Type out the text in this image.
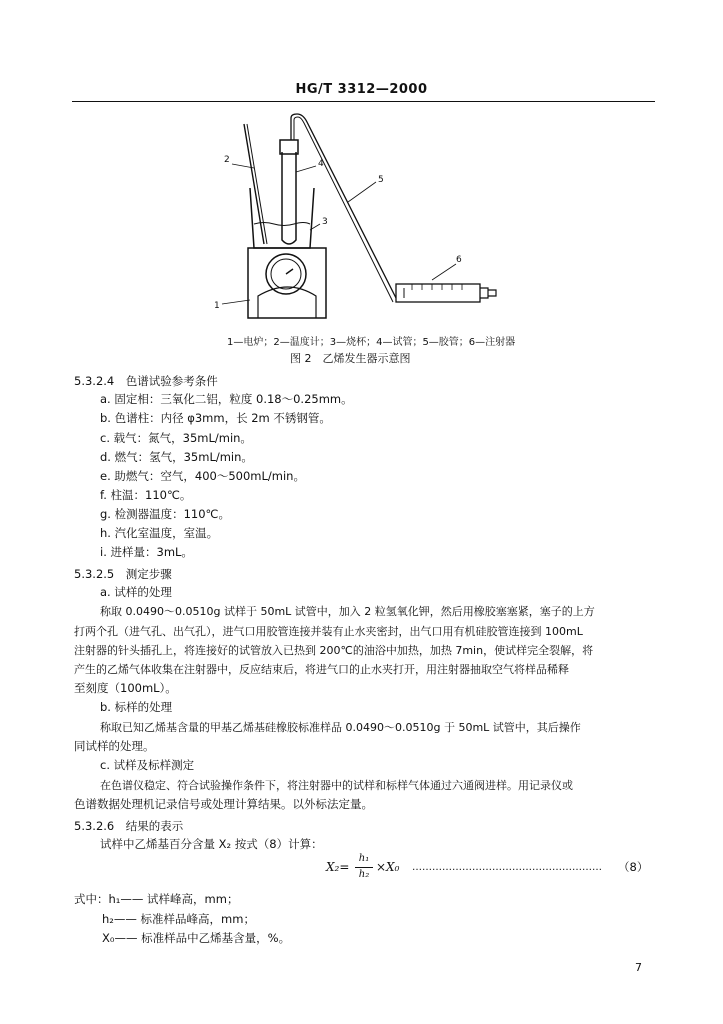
HG/T 3312—2000
1
2
3
4
5
6
1—电炉；2—温度计；3—烧杯；4—试管；5—胶管；6—注射器
图 2　乙烯发生器示意图
5.3.2.4　色谱试验参考条件
a. 固定相：三氧化二铝，粒度 0.18～0.25mm。
b. 色谱柱：内径 φ3mm，长 2m 不锈钢管。
c. 载气：氮气，35mL/min。
d. 燃气：氢气，35mL/min。
e. 助燃气：空气，400～500mL/min。
f. 柱温：110℃。
g. 检测器温度：110℃。
h. 汽化室温度，室温。
i. 进样量：3mL。
5.3.2.5　测定步骤
a. 试样的处理
称取 0.0490～0.0510g 试样于 50mL 试管中，加入 2 粒氢氧化钾，然后用橡胶塞塞紧，塞子的上方
打两个孔（进气孔、出气孔），进气口用胶管连接并装有止水夹密封，出气口用有机硅胶管连接到 100mL
注射器的针头插孔上，将连接好的试管放入已热到 200℃的油浴中加热，加热 7min，使试样完全裂解，将
产生的乙烯气体收集在注射器中，反应结束后，将进气口的止水夹打开，用注射器抽取空气将样品稀释
至刻度（100mL）。
b. 标样的处理
称取已知乙烯基含量的甲基乙烯基硅橡胶标准样品 0.0490～0.0510g 于 50mL 试管中，其后操作
同试样的处理。
c. 试样及标样测定
在色谱仪稳定、符合试验操作条件下，将注射器中的试样和标样气体通过六通阀进样。用记录仪或
色谱数据处理机记录信号或处理计算结果。以外标法定量。
5.3.2.6　结果的表示
试样中乙烯基百分含量 X₂ 按式（8）计算：
X₂=
h₁
h₂
×X₀ …………………………………………………	（8）
式中：h₁—— 试样峰高，mm；
h₂—— 标准样品峰高，mm；
X₀—— 标准样品中乙烯基含量，%。
7
